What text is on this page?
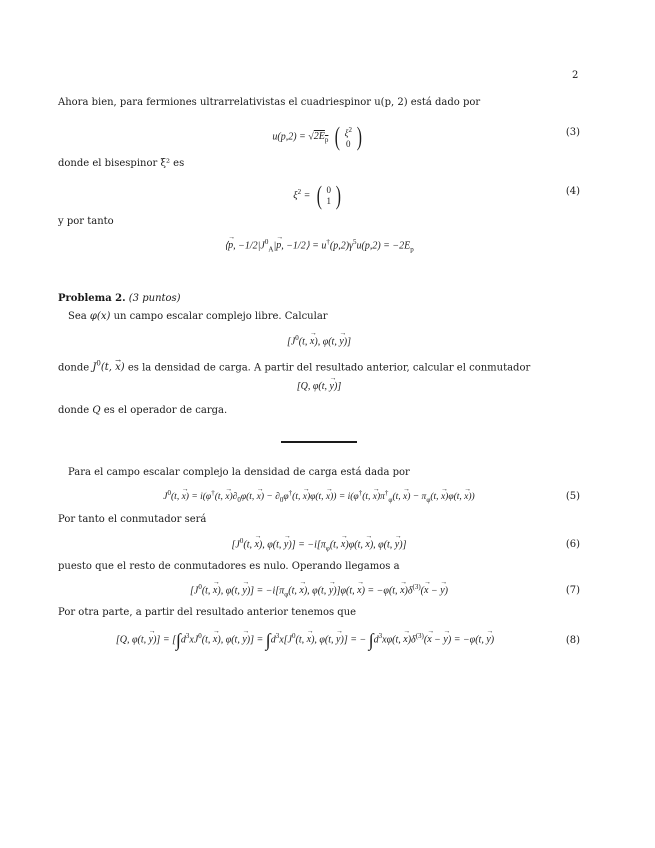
2
Ahora bien, para fermiones ultrarrelativistas el cuadriespinor u(p, 2) está dado por
$u(p,2) = √2E_p$ ( $\xi^2$
0 )	(3)
donde el bisespinor ξ² es
$\xi^2$ = ( 0
1 )	(4)
y por tanto
⟨p →, $-1/2|J^0_A|p$ →, −1/2⟩ = $u^\dagger(p,2)\gamma^5u(p,2) = -2E_p$
Problema 2. (3 puntos)
Sea φ(x) un campo escalar complejo libre. Calcular
[$J^0(t$, x →), φ(t, y →)]
donde $J^0(t$, x →) es la densidad de carga. A partir del resultado anterior, calcular el conmutador
[Q, φ(t, y →)]
donde Q es el operador de carga.
Para el campo escalar complejo la densidad de carga está dada por
$J^0(t$, x →) = i(φ†(t, $x \to)\partial_0\varphi(t$, x →) − $\partial_0\varphi^\dagger(t$, x →)φ(t, x →)) = i(φ†(t, $x \to)\pi^\dagger_\varphi(t$, x →) − $\pi_\varphi(t$, x →)φ(t, x →))	(5)
Por tanto el conmutador será
[$J^0(t$, x →), φ(t, y →)] = $-i[\pi_\varphi(t$, x →)φ(t, x →), φ(t, y →)]	(6)
puesto que el resto de conmutadores es nulo. Operando llegamos a
[$J^0(t$, x →), φ(t, y →)] = $-i[\pi_\varphi(t$, x →), φ(t, y →)]φ(t, x →) = −φ(t, $x \to)\delta^{(3)}(x$ → − y →)	(7)
Por otra parte, a partir del resultado anterior tenemos que
[Q, φ(t, y →)] = [$\int d^3xJ^0(t$, x →), φ(t, y →)] = $\int d^3x[J^0(t$, x →), φ(t, y →)] = − $\int d^3x\varphi(t$, $x \to)\delta^{(3)}(x$ → − y →) = −φ(t, y →)	(8)
